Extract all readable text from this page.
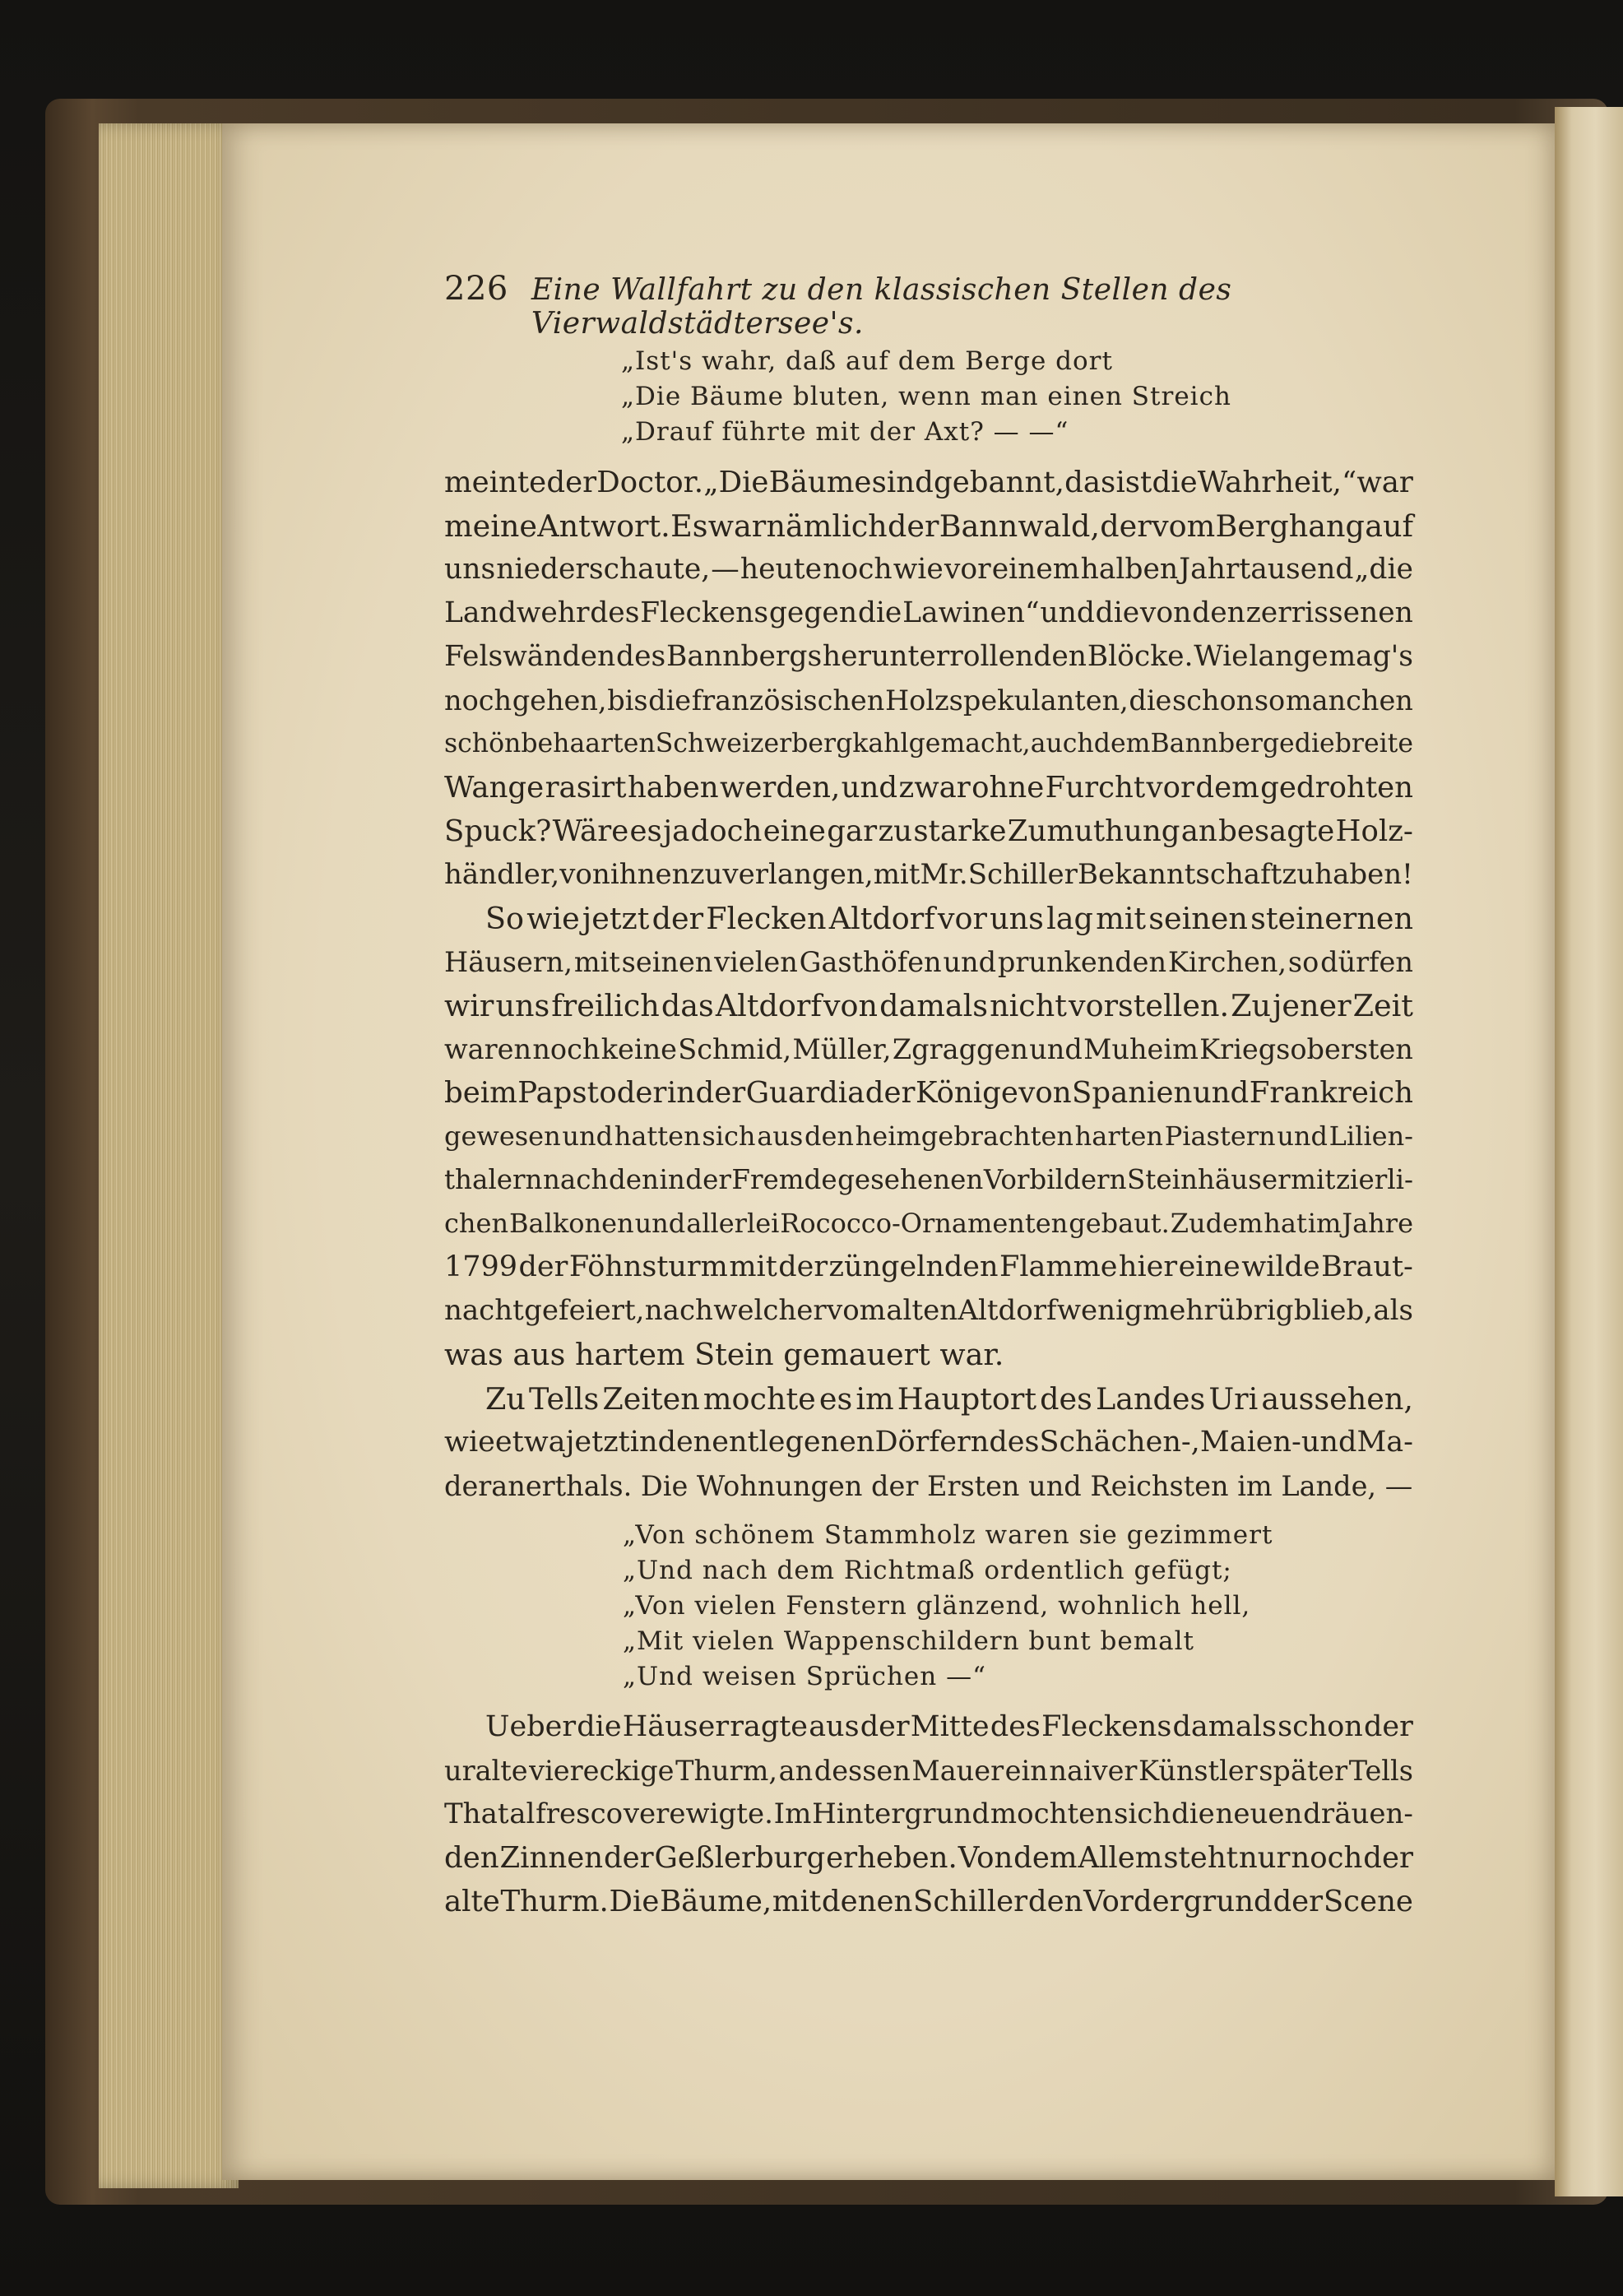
226 Eine Wallfahrt zu den klassischen Stellen des Vierwaldstädtersee's.
„Ist's wahr, daß auf dem Berge dort
„Die Bäume bluten, wenn man einen Streich
„Drauf führte mit der Axt? — —“
meinte der Doctor. „Die Bäume sind gebannt, das ist die Wahrheit,“ war
meine Antwort. Es war nämlich der Bannwald, der vom Berghang auf
uns niederschaute, — heute noch wie vor einem halben Jahrtausend „die
Landwehr des Fleckens gegen die Lawinen“ und die von den zerrissenen
Felswänden des Bannbergs herunterrollenden Blöcke. Wie lange mag's
noch gehen, bis die französischen Holzspekulanten, die schon so manchen
schönbehaarten Schweizerberg kahl gemacht, auch dem Bannberge die breite
Wange rasirt haben werden, und zwar ohne Furcht vor dem gedrohten
Spuck? Wäre es ja doch eine gar zu starke Zumuthung an besagte Holz-
händler, von ihnen zu verlangen, mit Mr. Schiller Bekanntschaft zu haben!
So wie jetzt der Flecken Altdorf vor uns lag mit seinen steinernen
Häusern, mit seinen vielen Gasthöfen und prunkenden Kirchen, so dürfen
wir uns freilich das Altdorf von damals nicht vorstellen. Zu jener Zeit
waren noch keine Schmid, Müller, Zgraggen und Muheim Kriegsobersten
beim Papst oder in der Guardia der Könige von Spanien und Frankreich
gewesen und hatten sich aus den heimgebrachten harten Piastern und Lilien-
thalern nach den in der Fremde gesehenen Vorbildern Steinhäuser mit zierli-
chen Balkonen und allerlei Rococco-Ornamenten gebaut. Zudem hat im Jahre
1799 der Föhnsturm mit der züngelnden Flamme hier eine wilde Braut-
nacht gefeiert, nach welcher vom alten Altdorf wenig mehr übrig blieb, als
was aus hartem Stein gemauert war.
Zu Tells Zeiten mochte es im Hauptort des Landes Uri aussehen,
wie etwa jetzt in den entlegenen Dörfern des Schächen-, Maien- und Ma-
deranerthals. Die Wohnungen der Ersten und Reichsten im Lande, —
„Von schönem Stammholz waren sie gezimmert
„Und nach dem Richtmaß ordentlich gefügt;
„Von vielen Fenstern glänzend, wohnlich hell,
„Mit vielen Wappenschildern bunt bemalt
„Und weisen Sprüchen —“
Ueber die Häuser ragte aus der Mitte des Fleckens damals schon der
uralte viereckige Thurm, an dessen Mauer ein naiver Künstler später Tells
That al fresco verewigte. Im Hintergrund mochten sich die neuen dräuen-
den Zinnen der Geßlerburg erheben. Von dem Allem steht nur noch der
alte Thurm. Die Bäume, mit denen Schiller den Vordergrund der Scene
